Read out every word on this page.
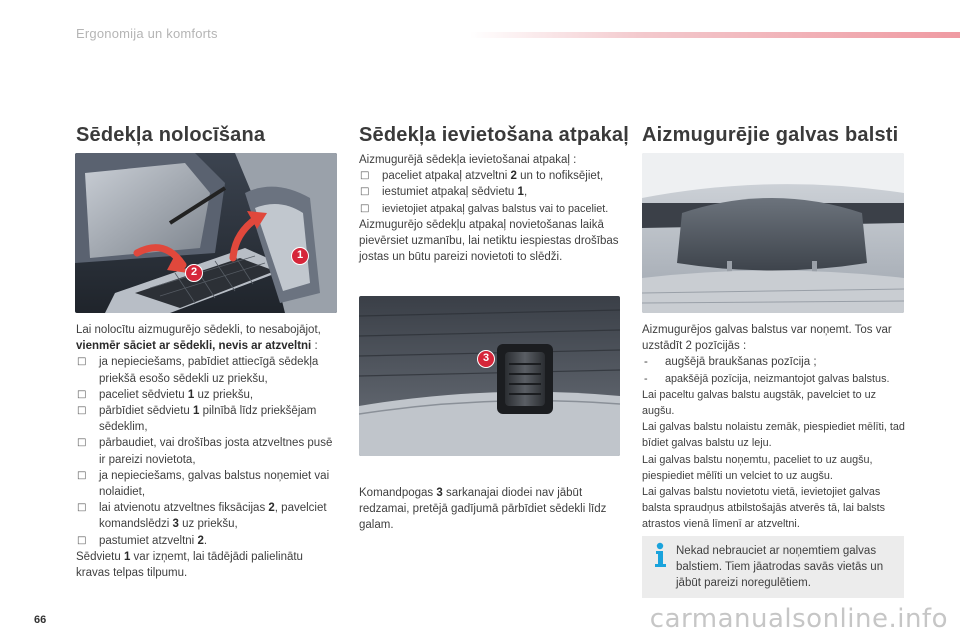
Ergonomija un komforts
Sēdekļa nolocīšana
2
1

Lai nolocītu aizmugurējo sēdekli, to nesabojājot, vienmēr sāciet ar sēdekli, nevis ar atzveltni :

□ ja nepieciešams, pabīdiet attiecīgā sēdekļa priekšā esošo sēdekli uz priekšu,

□ paceliet sēdvietu 1 uz priekšu,

□ pārbīdiet sēdvietu 1 pilnībā līdz priekšējam sēdeklim,

□ pārbaudiet, vai drošības josta atzveltnes pusē ir pareizi novietota,

□ ja nepieciešams, galvas balstus noņemiet vai nolaidiet,

□ lai atvienotu atzveltnes fiksācijas 2, pavelciet komandslēdzi 3 uz priekšu,

□ pastumiet atzveltni 2.

Sēdvietu 1 var izņemt, lai tādējādi palielinātu kravas telpas tilpumu.

Sēdekļa ievietošana atpakaļ

Aizmugurējā sēdekļa ievietošanai atpakaļ :

□ paceliet atpakaļ atzveltni 2 un to nofiksējiet,

□ iestumiet atpakaļ sēdvietu 1,

□ ievietojiet atpakaļ galvas balstus vai to paceliet.

Aizmugurējo sēdekļu atpakaļ novietošanas laikā pievērsiet uzmanību, lai netiktu iespiestas drošības jostas un būtu pareizi novietoti to slēdži.

3

Komandpogas 3 sarkanajai diodei nav jābūt redzamai, pretējā gadījumā pārbīdiet sēdekli līdz galam.

Aizmugurējie galvas balsti

Aizmugurējos galvas balstus var noņemt. Tos var uzstādīt 2 pozīcijās :

- augšējā braukšanas pozīcija ;

- apakšējā pozīcija, neizmantojot galvas balstus.

Lai paceltu galvas balstu augstāk, pavelciet to uz augšu.

Lai galvas balstu nolaistu zemāk, piespiediet mēlīti, tad bīdiet galvas balstu uz leju.

Lai galvas balstu noņemtu, paceliet to uz augšu, piespiediet mēlīti un velciet to uz augšu.

Lai galvas balstu novietotu vietā, ievietojiet galvas balsta spraudņus atbilstošajās atverēs tā, lai balsts atrastos vienā līmenī ar atzveltni.

Nekad nebrauciet ar noņemtiem galvas balstiem. Tiem jāatrodas savās vietās un jābūt pareizi noregulētiem.
66	carmanualsonline.info
